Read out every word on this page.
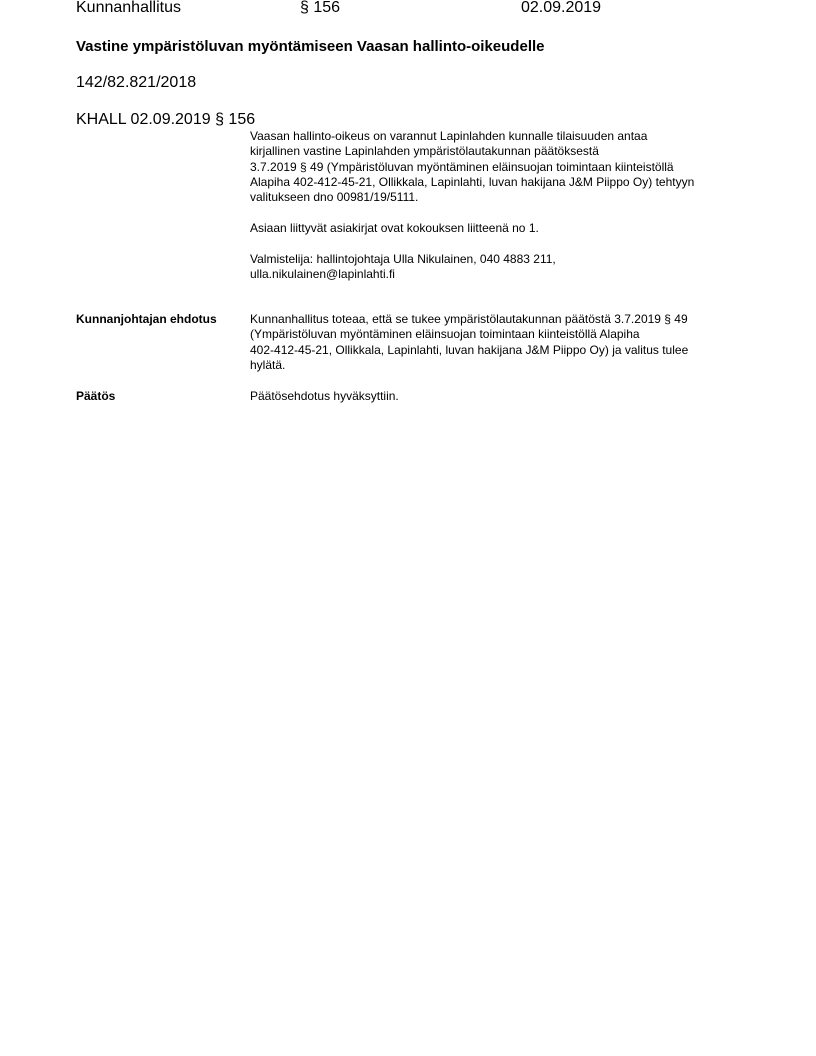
Kunnanhallitus	§ 156	02.09.2019
Vastine ympäristöluvan myöntämiseen Vaasan hallinto-oikeudelle
142/82.821/2018
KHALL 02.09.2019 § 156
Vaasan hallinto-oikeus on varannut Lapinlahden kunnalle tilaisuuden antaa
kirjallinen vastine Lapinlahden ympäristölautakunnan päätöksestä
3.7.2019 § 49 (Ympäristöluvan myöntäminen eläinsuojan toimintaan kiinteistöllä
Alapiha 402-412-45-21, Ollikkala, Lapinlahti, luvan hakijana J&M Piippo Oy) tehtyyn
valitukseen dno 00981/19/5111.
Asiaan liittyvät asiakirjat ovat kokouksen liitteenä no 1.
Valmistelija: hallintojohtaja Ulla Nikulainen, 040 4883 211,
ulla.nikulainen@lapinlahti.fi
Kunnanjohtajan ehdotus	Kunnanhallitus toteaa, että se tukee ympäristölautakunnan päätöstä 3.7.2019 § 49
(Ympäristöluvan myöntäminen eläinsuojan toimintaan kiinteistöllä Alapiha
402-412-45-21, Ollikkala, Lapinlahti, luvan hakijana J&M Piippo Oy) ja valitus tulee
hylätä.
Päätös	Päätösehdotus hyväksyttiin.
